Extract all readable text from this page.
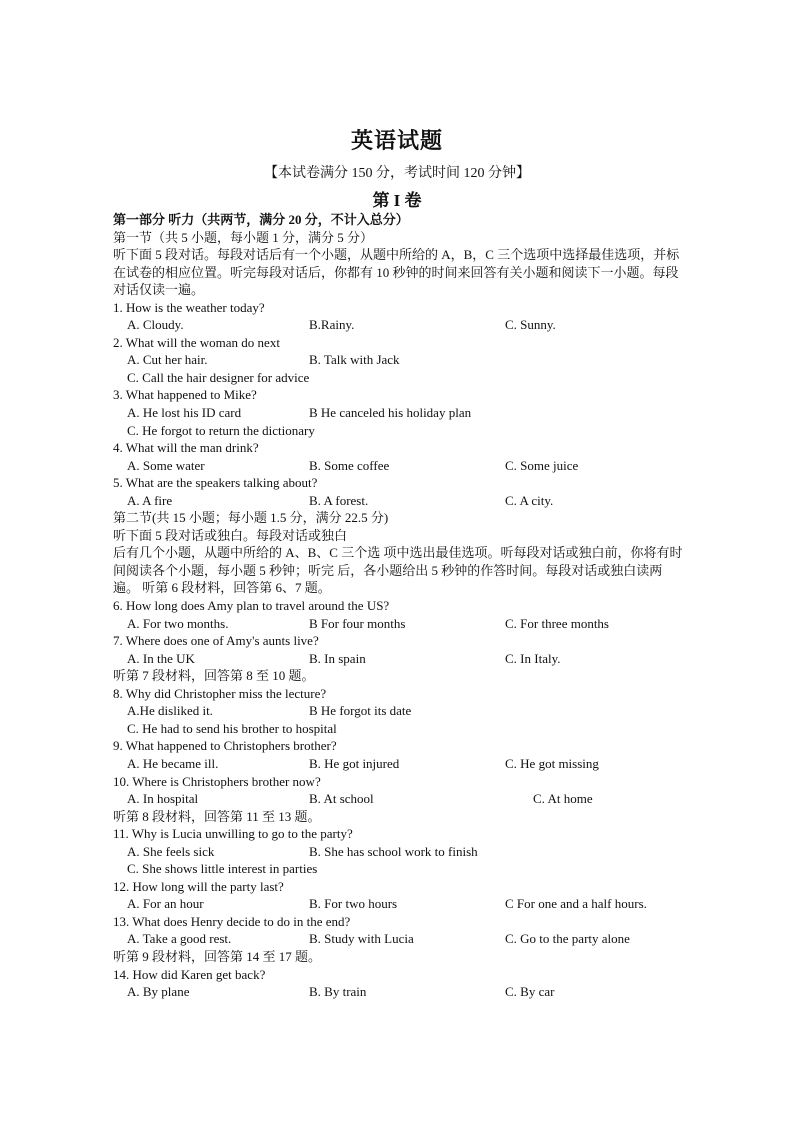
英语试题
【本试卷满分 150 分，考试时间 120 分钟】
第 I 卷
第一部分 听力（共两节，满分 20 分，不计入总分）
第一节（共 5 小题，每小题 1 分，满分 5 分）
听下面 5 段对话。每段对话后有一个小题，从题中所给的 A，B，C 三个选项中选择最佳选项，并标在试卷的相应位置。听完每段对话后，你都有 10 秒钟的时间来回答有关小题和阅读下一小题。每段对话仅读一遍。
1. How is the weather today?
A. Cloudy.	B.Rainy.	C. Sunny.
2. What will the woman do next
A. Cut her hair.	B. Talk with Jack
C. Call the hair designer for advice
3. What happened to Mike?
A. He lost his ID card	B He canceled his holiday plan
C. He forgot to return the dictionary
4. What will the man drink?
A. Some water	B. Some coffee	C. Some juice
5. What are the speakers talking about?
A. A fire	B. A forest.	C. A city.
第二节(共 15 小题；每小题 1.5 分，满分 22.5 分)
听下面 5 段对话或独白。每段对话或独白
后有几个小题，从题中所给的 A、B、C 三个选 项中选出最佳选项。听每段对话或独白前，你将有时间阅读各个小题，每小题 5 秒钟；听完 后，各小题给出 5 秒钟的作答时间。每段对话或独白读两遍。 听第 6 段材料，回答第 6、7 题。
6. How long does Amy plan to travel around the US?
A. For two months.	B For four months	C. For three months
7. Where does one of Amy's aunts live?
A. In the UK	B. In spain	C. In Italy.
听第 7 段材料，回答第 8 至 10 题。
8. Why did Christopher miss the lecture?
A.He disliked it.	B He forgot its date
C. He had to send his brother to hospital
9. What happened to Christophers brother?
A. He became ill.	B. He got injured	C. He got missing
10. Where is Christophers brother now?
A. In hospital	B. At school	C. At home
听第 8 段材料，回答第 11 至 13 题。
11. Why is Lucia unwilling to go to the party?
A. She feels sick	B. She has school work to finish
C. She shows little interest in parties
12. How long will the party last?
A. For an hour	B. For two hours	C For one and a half hours.
13. What does Henry decide to do in the end?
A. Take a good rest.	B. Study with Lucia	C. Go to the party alone
听第 9 段材料，回答第 14 至 17 题。
14. How did Karen get back?
A. By plane	B. By train	C. By car
